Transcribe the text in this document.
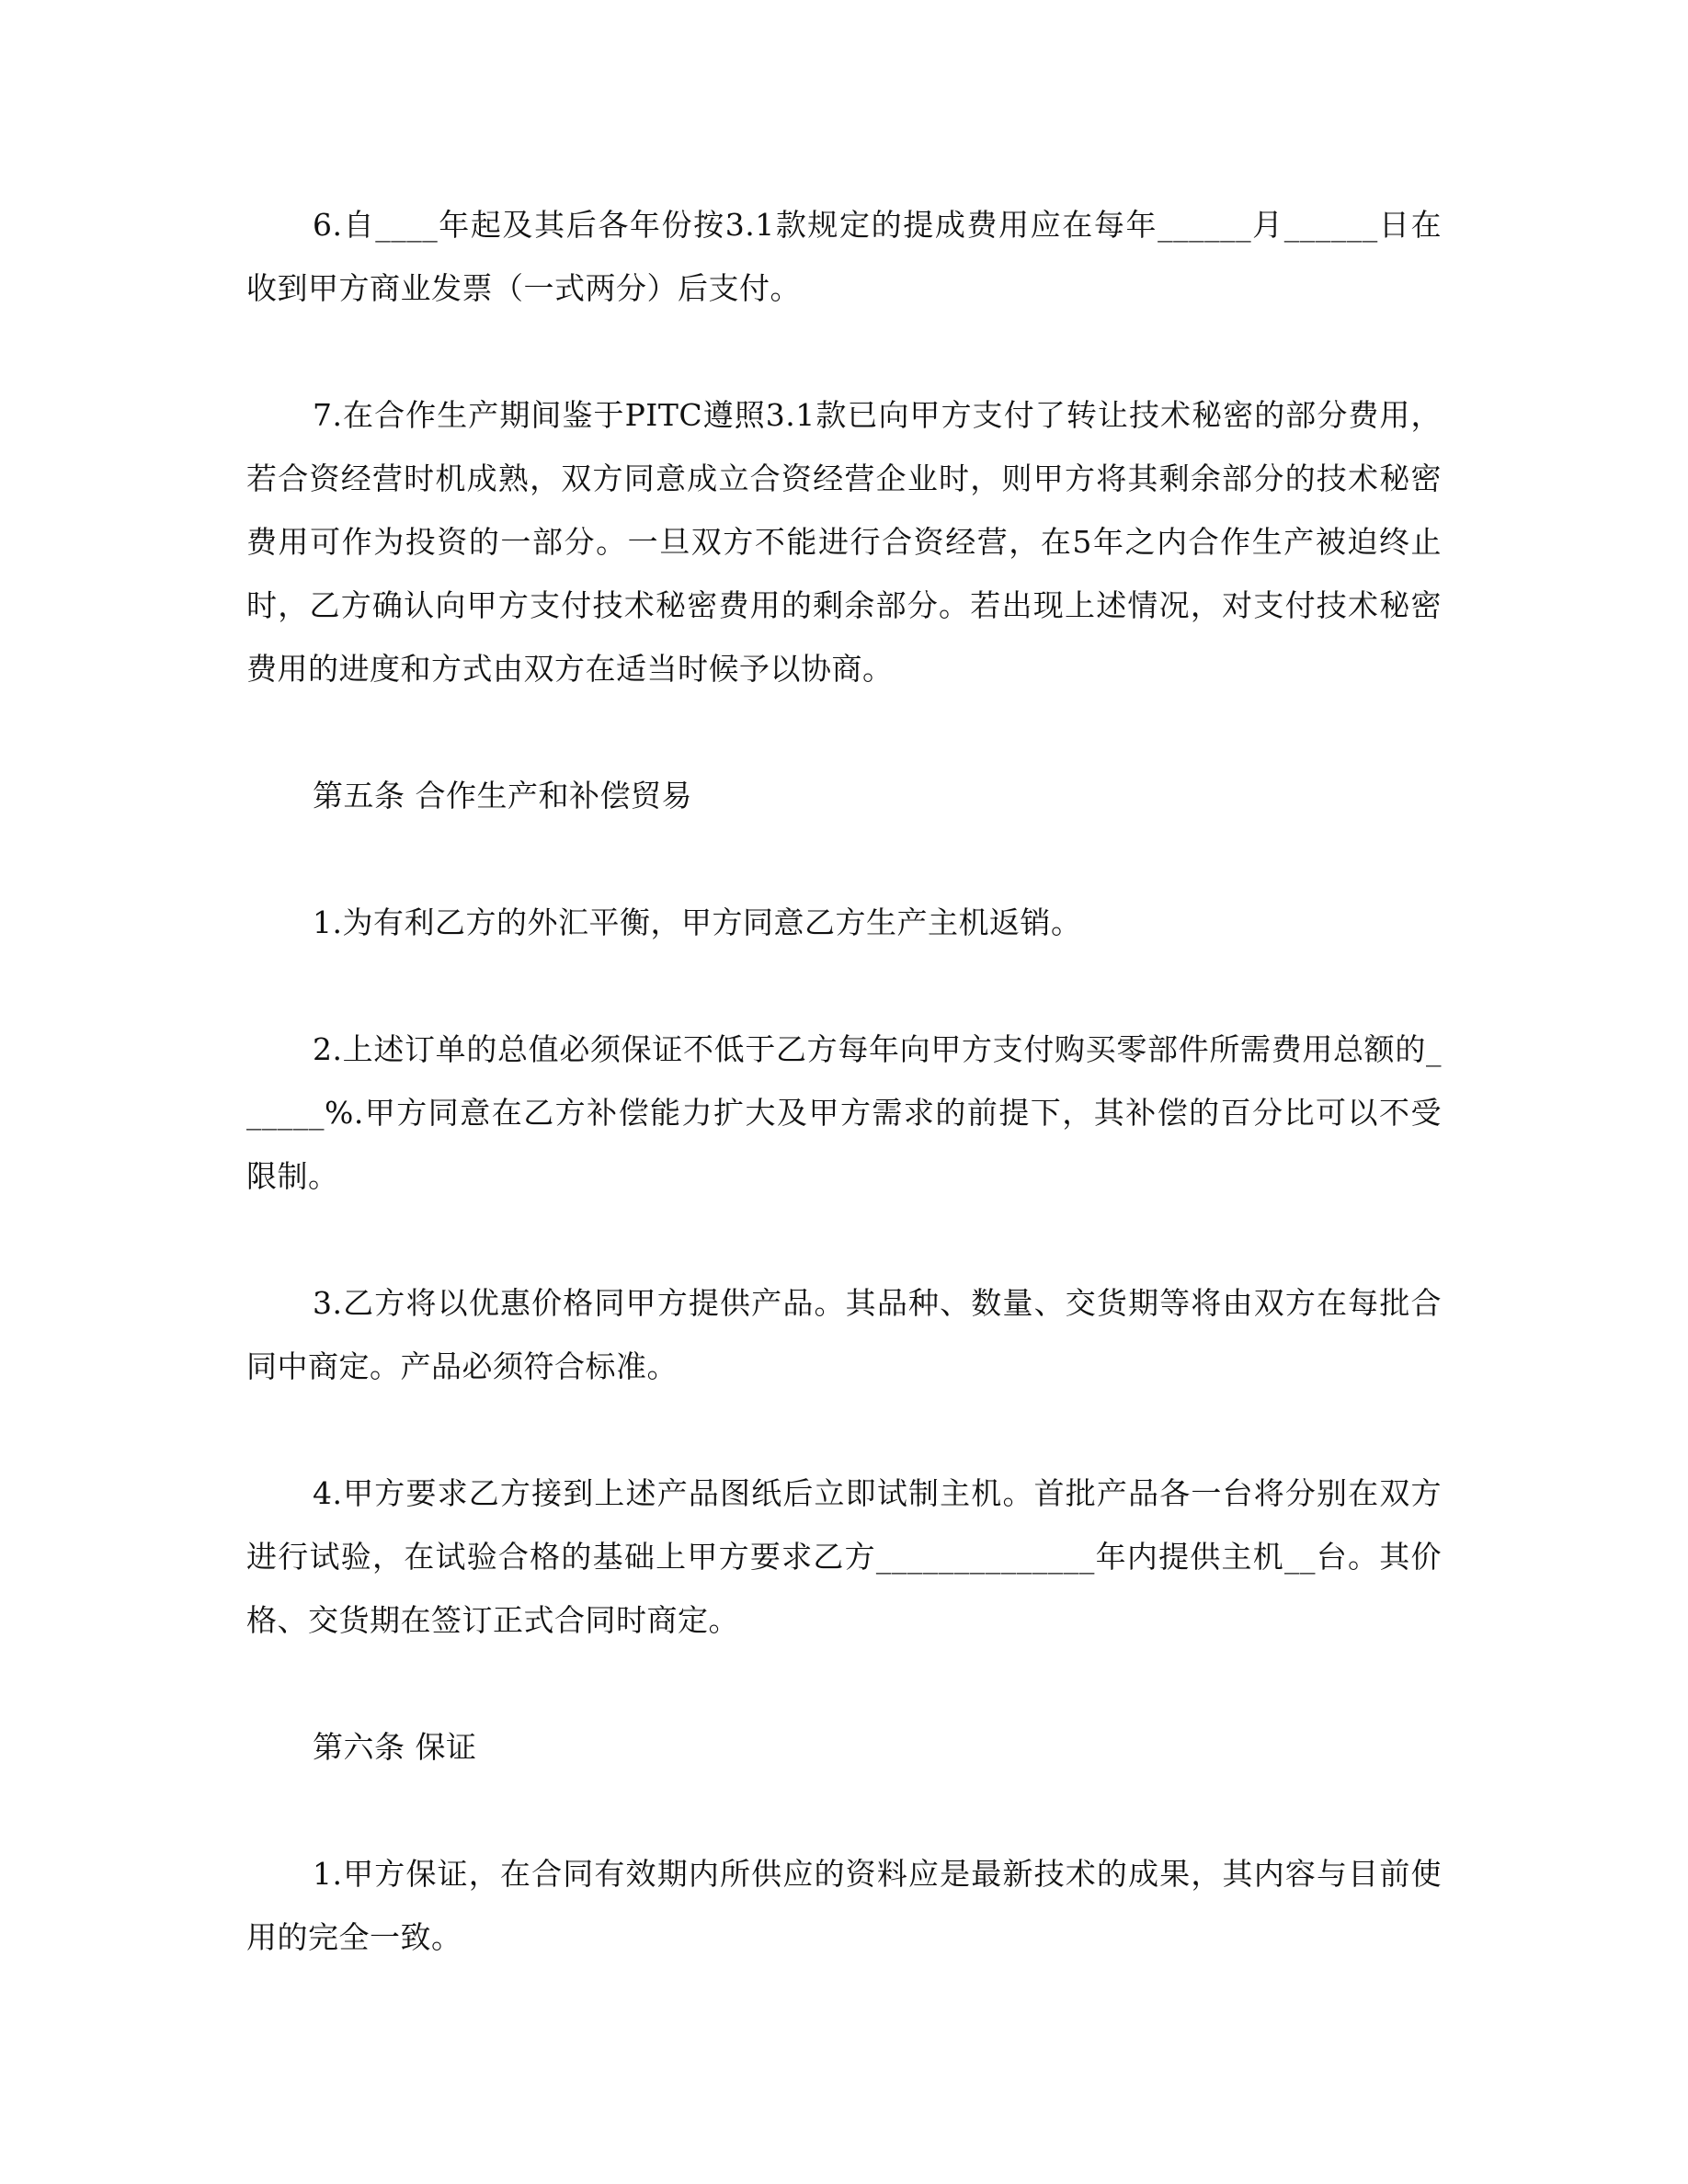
6.自____年起及其后各年份按3.1款规定的提成费用应在每年______月______日在收到甲方商业发票（一式两分）后支付。

7.在合作生产期间鉴于PITC遵照3.1款已向甲方支付了转让技术秘密的部分费用，若合资经营时机成熟，双方同意成立合资经营企业时，则甲方将其剩余部分的技术秘密费用可作为投资的一部分。一旦双方不能进行合资经营，在5年之内合作生产被迫终止时，乙方确认向甲方支付技术秘密费用的剩余部分。若出现上述情况，对支付技术秘密费用的进度和方式由双方在适当时候予以协商。

第五条 合作生产和补偿贸易

1.为有利乙方的外汇平衡，甲方同意乙方生产主机返销。

2.上述订单的总值必须保证不低于乙方每年向甲方支付购买零部件所需费用总额的______%.甲方同意在乙方补偿能力扩大及甲方需求的前提下，其补偿的百分比可以不受限制。

3.乙方将以优惠价格同甲方提供产品。其品种、数量、交货期等将由双方在每批合同中商定。产品必须符合标准。

4.甲方要求乙方接到上述产品图纸后立即试制主机。首批产品各一台将分别在双方进行试验，在试验合格的基础上甲方要求乙方______________年内提供主机__台。其价格、交货期在签订正式合同时商定。

第六条 保证

1.甲方保证，在合同有效期内所供应的资料应是最新技术的成果，其内容与目前使用的完全一致。
